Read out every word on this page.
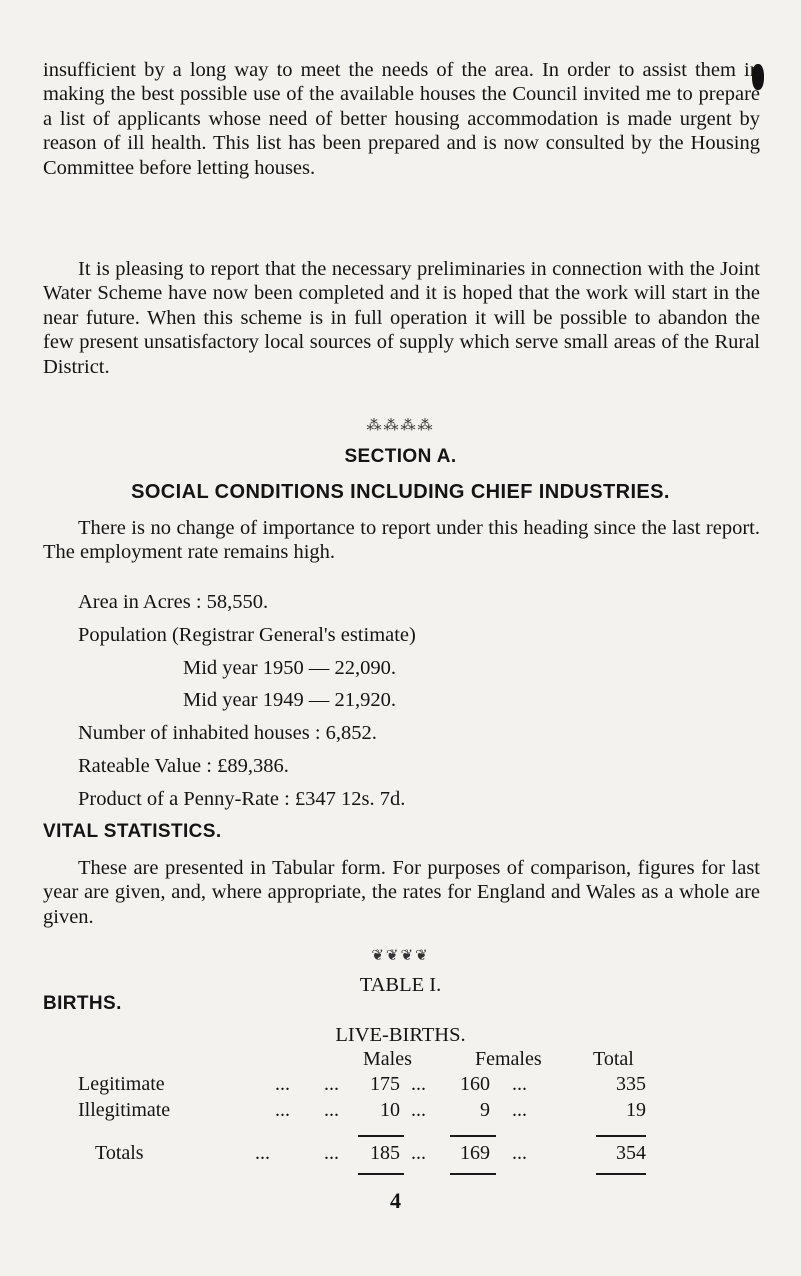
insufficient by a long way to meet the needs of the area. In order to assist them in making the best possible use of the available houses the Council invited me to prepare a list of applicants whose need of better housing accommodation is made urgent by reason of ill health. This list has been prepared and is now consulted by the Housing Committee before letting houses.

It is pleasing to report that the necessary preliminaries in connection with the Joint Water Scheme have now been completed and it is hoped that the work will start in the near future. When this scheme is in full operation it will be possible to abandon the few present unsatisfactory local sources of supply which serve small areas of the Rural District.

⁂⁂⁂⁂
SECTION A.
SOCIAL CONDITIONS INCLUDING CHIEF INDUSTRIES.

There is no change of importance to report under this heading since the last report. The employment rate remains high.

Area in Acres : 58,550.
Population (Registrar General's estimate)
Mid year 1950 — 22,090.
Mid year 1949 — 21,920.
Number of inhabited houses : 6,852.
Rateable Value : £89,386.
Product of a Penny-Rate : £347 12s. 7d.
VITAL STATISTICS.

These are presented in Tabular form. For purposes of comparison, figures for last year are given, and, where appropriate, the rates for England and Wales as a whole are given.

❦❦❦❦
TABLE I.
BIRTHS.
LIVE-BIRTHS.
Males	Females	Total
Legitimate	... ...	175 ...	160 ...	335
Illegitimate	... ...	10 ...	9 ...	19
Totals	...	...	185 ...	169 ...	354
4
